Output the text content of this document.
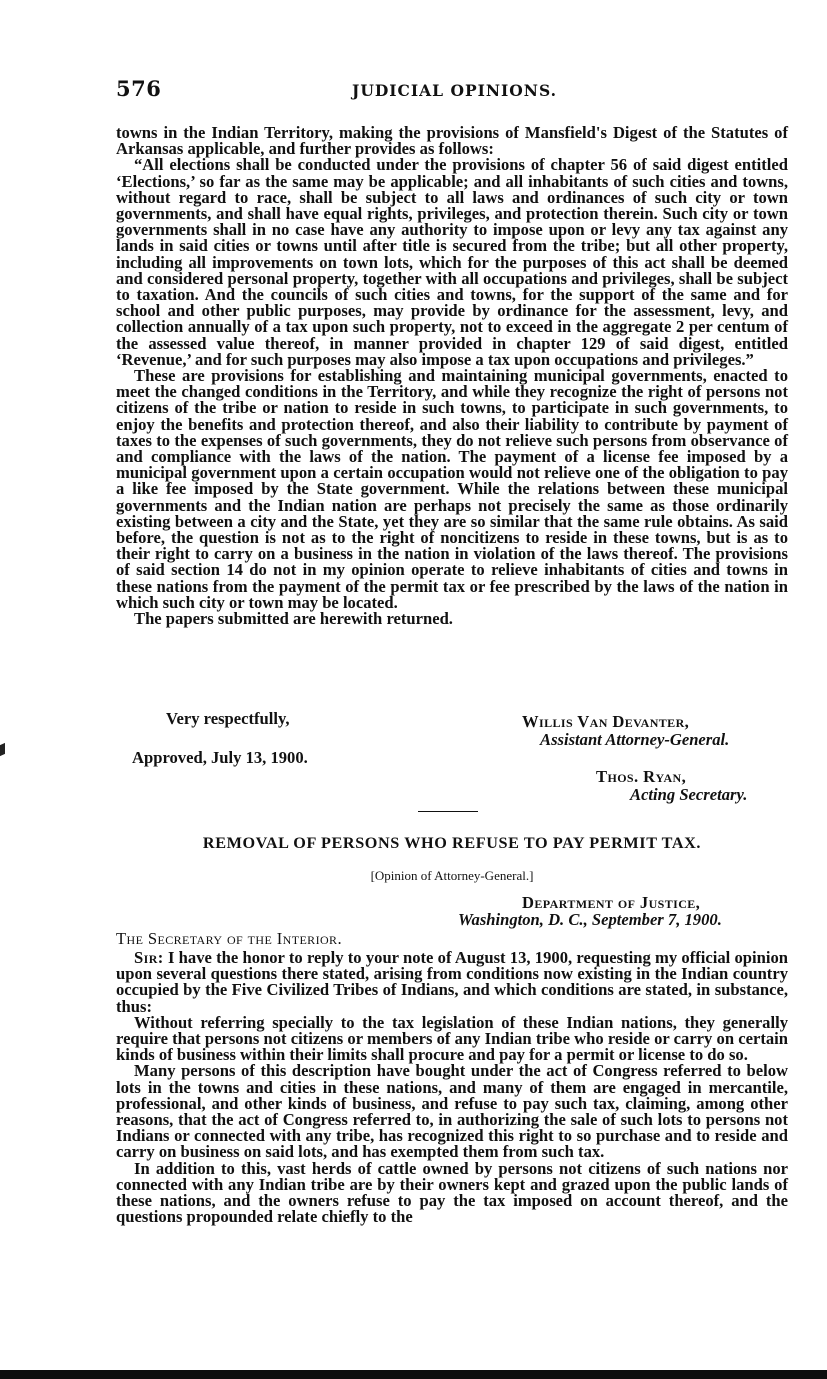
576	JUDICIAL OPINIONS.

towns in the Indian Territory, making the provisions of Mansfield's Digest of the Statutes of Arkansas applicable, and further provides as follows:

“All elections shall be conducted under the provisions of chapter 56 of said digest entitled ‘Elections,’ so far as the same may be applicable; and all inhabitants of such cities and towns, without regard to race, shall be subject to all laws and ordinances of such city or town governments, and shall have equal rights, privileges, and protection therein. Such city or town governments shall in no case have any authority to impose upon or levy any tax against any lands in said cities or towns until after title is secured from the tribe; but all other property, including all improvements on town lots, which for the purposes of this act shall be deemed and considered personal property, together with all occupations and privileges, shall be subject to taxation. And the councils of such cities and towns, for the support of the same and for school and other public purposes, may provide by ordinance for the assessment, levy, and collection annually of a tax upon such property, not to exceed in the aggregate 2 per centum of the assessed value thereof, in manner provided in chapter 129 of said digest, entitled ‘Revenue,’ and for such purposes may also impose a tax upon occupations and privileges.”

These are provisions for establishing and maintaining municipal governments, enacted to meet the changed conditions in the Territory, and while they recognize the right of persons not citizens of the tribe or nation to reside in such towns, to participate in such governments, to enjoy the benefits and protection thereof, and also their liability to contribute by payment of taxes to the expenses of such governments, they do not relieve such persons from observance of and compliance with the laws of the nation. The payment of a license fee imposed by a municipal government upon a certain occupation would not relieve one of the obligation to pay a like fee imposed by the State government. While the relations between these municipal governments and the Indian nation are perhaps not precisely the same as those ordinarily existing between a city and the State, yet they are so similar that the same rule obtains. As said before, the question is not as to the right of noncitizens to reside in these towns, but is as to their right to carry on a business in the nation in violation of the laws thereof. The provisions of said section 14 do not in my opinion operate to relieve inhabitants of cities and towns in these nations from the payment of the permit tax or fee prescribed by the laws of the nation in which such city or town may be located.

The papers submitted are herewith returned.

Very respectfully,	Willis Van Devanter,
Assistant Attorney-General.
Approved, July 13, 1900.
Thos. Ryan,
Acting Secretary.
REMOVAL OF PERSONS WHO REFUSE TO PAY PERMIT TAX.
[Opinion of Attorney-General.]
Department of Justice,
Washington, D. C., September 7, 1900.
The Secretary of the Interior.

Sir: I have the honor to reply to your note of August 13, 1900, requesting my official opinion upon several questions there stated, arising from conditions now existing in the Indian country occupied by the Five Civilized Tribes of Indians, and which conditions are stated, in substance, thus:

Without referring specially to the tax legislation of these Indian nations, they generally require that persons not citizens or members of any Indian tribe who reside or carry on certain kinds of business within their limits shall procure and pay for a permit or license to do so.

Many persons of this description have bought under the act of Congress referred to below lots in the towns and cities in these nations, and many of them are engaged in mercantile, professional, and other kinds of business, and refuse to pay such tax, claiming, among other reasons, that the act of Congress referred to, in authorizing the sale of such lots to persons not Indians or connected with any tribe, has recognized this right to so purchase and to reside and carry on business on said lots, and has exempted them from such tax.

In addition to this, vast herds of cattle owned by persons not citizens of such nations nor connected with any Indian tribe are by their owners kept and grazed upon the public lands of these nations, and the owners refuse to pay the tax imposed on account thereof, and the questions propounded relate chiefly to the
